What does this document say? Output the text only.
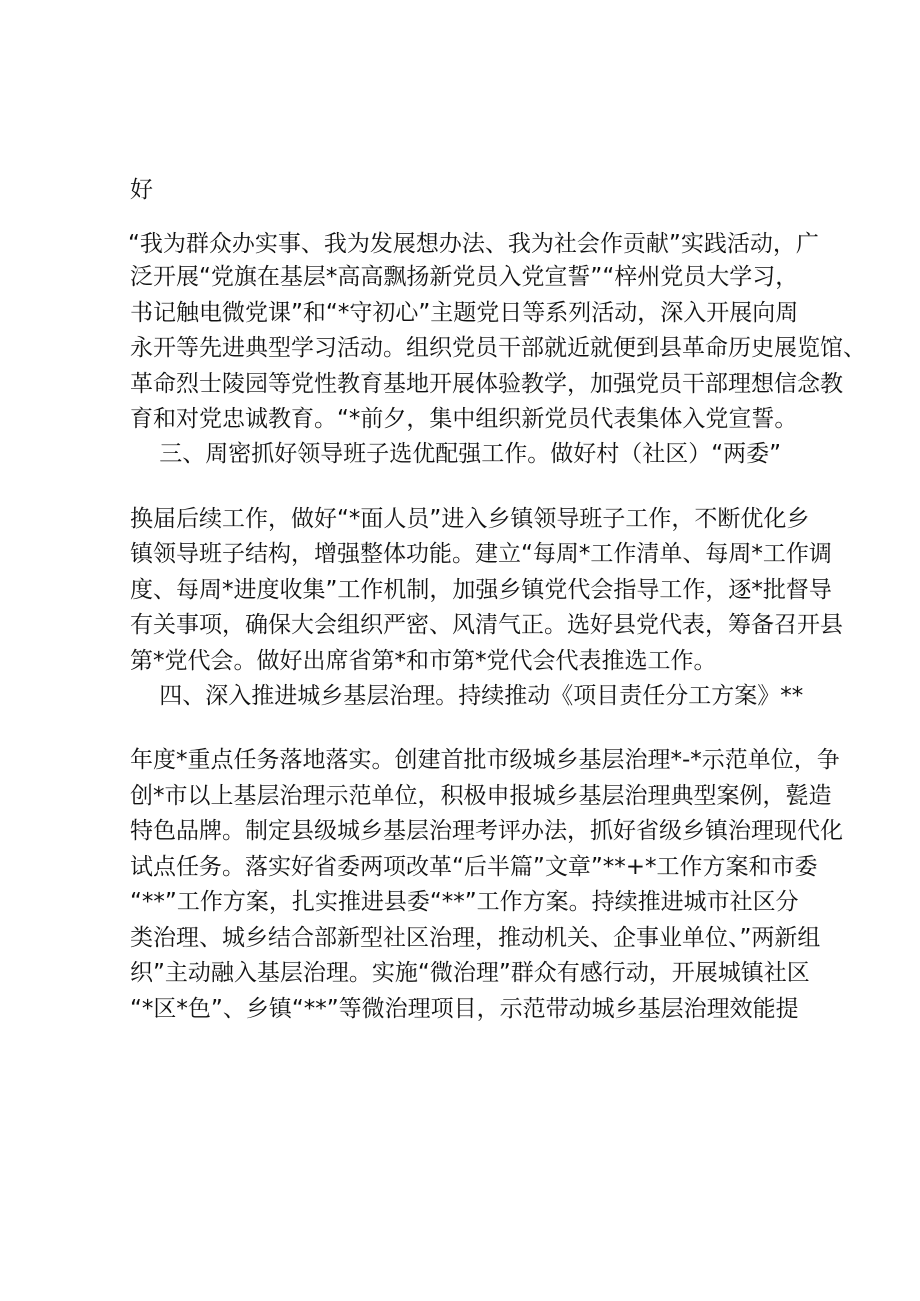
好
“我为群众办实事、我为发展想办法、我为社会作贡献”实践活动，广
泛开展“党旗在基层*高高飘扬新党员入党宣誓”“梓州党员大学习，
书记触电微党课”和“*守初心”主题党日等系列活动，深入开展向周
永开等先进典型学习活动。组织党员干部就近就便到县革命历史展览馆、
革命烈士陵园等党性教育基地开展体验教学，加强党员干部理想信念教
育和对党忠诚教育。“*前夕，集中组织新党员代表集体入党宣誓。
三、周密抓好领导班子选优配强工作。做好村（社区）“两委”
换届后续工作，做好“*面人员”进入乡镇领导班子工作，不断优化乡
镇领导班子结构，增强整体功能。建立“每周*工作清单、每周*工作调
度、每周*进度收集”工作机制，加强乡镇党代会指导工作，逐*批督导
有关事项，确保大会组织严密、风清气正。选好县党代表，筹备召开县
第*党代会。做好出席省第*和市第*党代会代表推选工作。
四、深入推进城乡基层治理。持续推动《项目责任分工方案》**
年度*重点任务落地落实。创建首批市级城乡基层治理*-*示范单位，争
创*市以上基层治理示范单位，积极申报城乡基层治理典型案例，甏造
特色品牌。制定县级城乡基层治理考评办法，抓好省级乡镇治理现代化
试点任务。落实好省委两项改革“后半篇”文章”**+*工作方案和市委
“**”工作方案，扎实推进县委“**”工作方案。持续推进城市社区分
类治理、城乡结合部新型社区治理，推动机关、企事业单位、”两新组
织”主动融入基层治理。实施“微治理”群众有感行动，开展城镇社区
“*区*色”、乡镇“**”等微治理项目，示范带动城乡基层治理效能提
